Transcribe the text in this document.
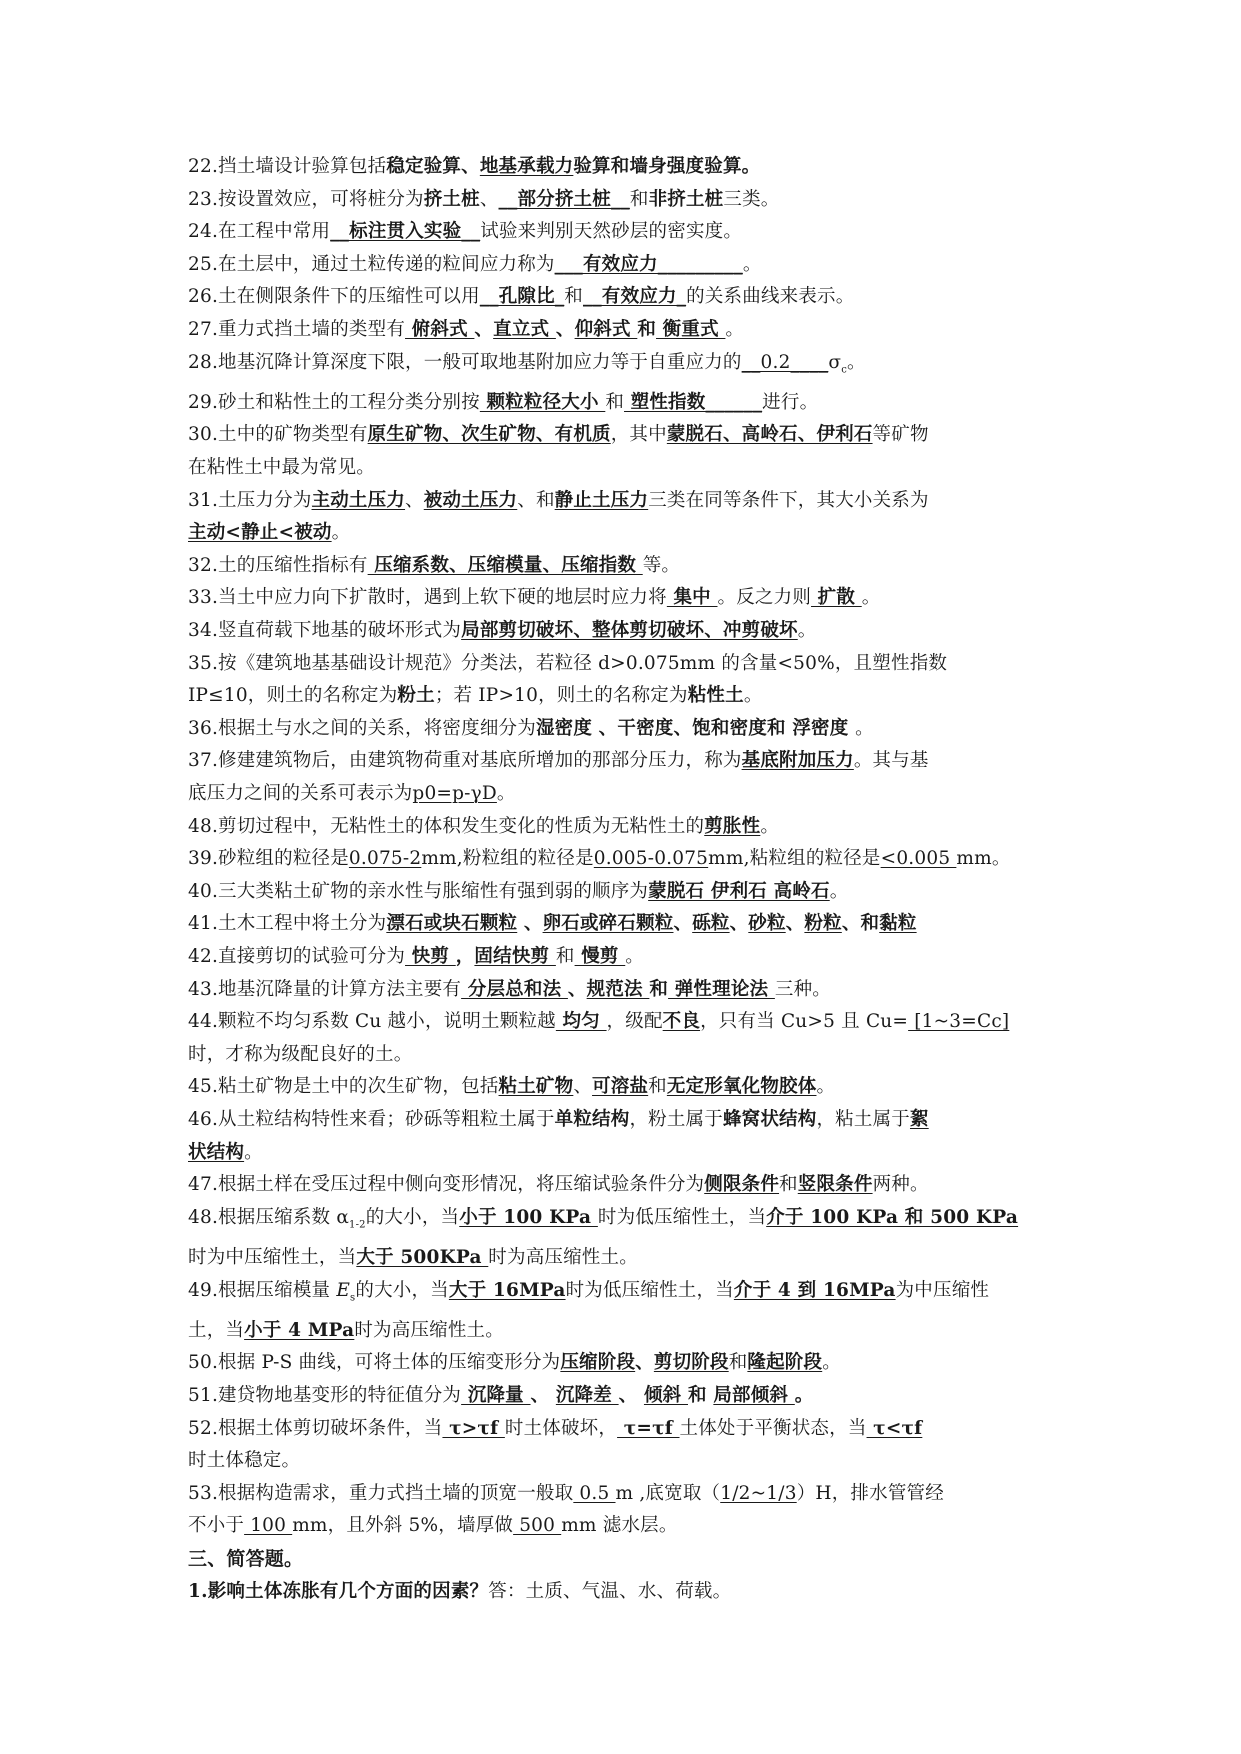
22.挡土墙设计验算包括稳定验算、地基承载力验算和墙身强度验算。
23.按设置效应，可将桩分为挤土桩、__部分挤土桩__和非挤土桩三类。
24.在工程中常用__标注贯入实验__试验来判别天然砂层的密实度。
25.在土层中，通过土粒传递的粒间应力称为___有效应力_________。
26.土在侧限条件下的压缩性可以用__孔隙比_和__有效应力_的关系曲线来表示。
27.重力式挡土墙的类型有 俯斜式 、直立式 、仰斜式 和 衡重式 。
28.地基沉降计算深度下限，一般可取地基附加应力等于自重应力的$\_\_0.2\_\_\_\_\sigma_c$。
29.砂土和粘性土的工程分类分别按 颗粒粒径大小 和 塑性指数______进行。
30.土中的矿物类型有原生矿物、次生矿物、有机质，其中蒙脱石、高岭石、伊利石等矿物
在粘性土中最为常见。
31.土压力分为主动土压力、被动土压力、和静止土压力三类在同等条件下，其大小关系为
主动<静止<被动。
32.土的压缩性指标有 压缩系数、压缩模量、压缩指数 等。
33.当土中应力向下扩散时，遇到上软下硬的地层时应力将 集中 。反之力则 扩散 。
34.竖直荷载下地基的破坏形式为局部剪切破坏、整体剪切破坏、冲剪破坏。
35.按《建筑地基基础设计规范》分类法，若粒径 d>0.075mm 的含量<50%，且塑性指数
IP≤10，则土的名称定为粉土；若 IP>10，则土的名称定为粘性土。
36.根据土与水之间的关系，将密度细分为湿密度 、干密度、饱和密度和 浮密度 。
37.修建建筑物后，由建筑物荷重对基底所增加的那部分压力，称为基底附加压力。其与基
底压力之间的关系可表示为p0=p-γD。
48.剪切过程中，无粘性土的体积发生变化的性质为无粘性土的剪胀性。
39.砂粒组的粒径是0.075-2mm,粉粒组的粒径是0.005-0.075mm,粘粒组的粒径是<0.005 mm。
40.三大类粘土矿物的亲水性与胀缩性有强到弱的顺序为蒙脱石 伊利石 高岭石。
41.土木工程中将土分为漂石或块石颗粒 、卵石或碎石颗粒、砾粒、砂粒、粉粒、和黏粒
42.直接剪切的试验可分为 快剪 ，固结快剪 和 慢剪 。
43.地基沉降量的计算方法主要有 分层总和法 、规范法 和 弹性理论法 三种。
44.颗粒不均匀系数 Cu 越小，说明土颗粒越 均匀 ，级配不良，只有当 Cu>5 且 Cu= [1~3=Cc]
时，才称为级配良好的土。
45.粘土矿物是土中的次生矿物，包括粘土矿物、可溶盐和无定形氧化物胶体。
46.从土粒结构特性来看；砂砾等粗粒土属于单粒结构，粉土属于蜂窝状结构，粘土属于絮
状结构。
47.根据土样在受压过程中侧向变形情况，将压缩试验条件分为侧限条件和竖限条件两种。
48.根据压缩系数 $\alpha_{1-2}$的大小，当小于 100 KPa 时为低压缩性土，当介于 100 KPa 和 500 KPa
时为中压缩性土，当大于 500KPa 时为高压缩性土。
49.根据压缩模量 $E_s$的大小，当大于 16MPa时为低压缩性土，当介于 4 到 16MPa为中压缩性
土，当小于 4 MPa时为高压缩性土。
50.根据 P-S 曲线，可将土体的压缩变形分为压缩阶段、剪切阶段和隆起阶段。
51.建贷物地基变形的特征值分为 沉降量 、 沉降差 、 倾斜 和 局部倾斜 。
52.根据土体剪切破坏条件，当 τ>τf 时土体破坏， τ=τf 土体处于平衡状态，当 τ<τf
时土体稳定。
53.根据构造需求，重力式挡土墙的顶宽一般取 0.5 m ,底宽取（1/2~1/3）H，排水管管经
不小于 100 mm，且外斜 5%，墙厚做 500 mm 滤水层。
三、简答题。
1.影响土体冻胀有几个方面的因素？答：土质、气温、水、荷载。
